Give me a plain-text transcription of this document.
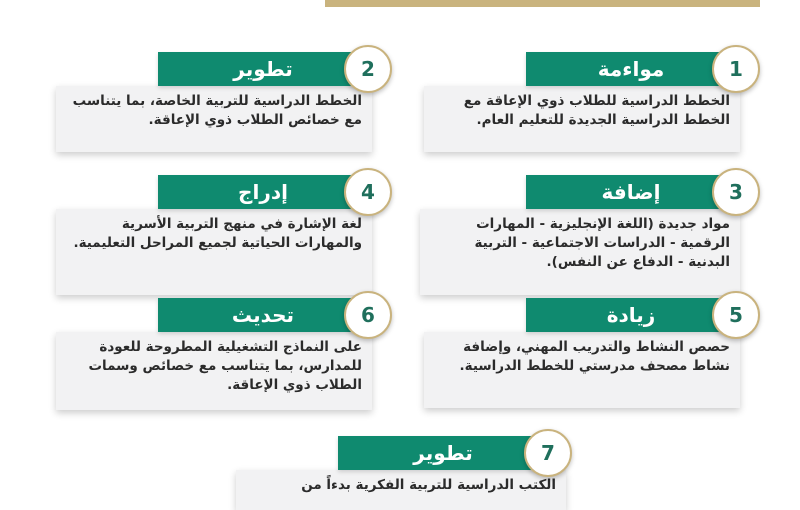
الخطط الدراسية للطلاب ذوي الإعاقة مع الخطط الدراسية الجديدة للتعليم العام.
مواءمة	1
الخطط الدراسية للتربية الخاصة، بما يتناسب مع خصائص الطلاب ذوي الإعاقة.
تطوير	2
مواد جديدة (اللغة الإنجليزية - المهارات الرقمية - الدراسات الاجتماعية - التربية البدنية - الدفاع عن النفس).
إضافة	3
لغة الإشارة في منهج التربية الأسرية والمهارات الحياتية لجميع المراحل التعليمية.
إدراج	4
حصص النشاط والتدريب المهني، وإضافة نشاط مصحف مدرستي للخطط الدراسية.
زيادة	5
على النماذج التشغيلية المطروحة للعودة للمدارس، بما يتناسب مع خصائص وسمات الطلاب ذوي الإعاقة.
تحديث	6
الكتب الدراسية للتربية الفكرية بدءاً من
تطوير	7
